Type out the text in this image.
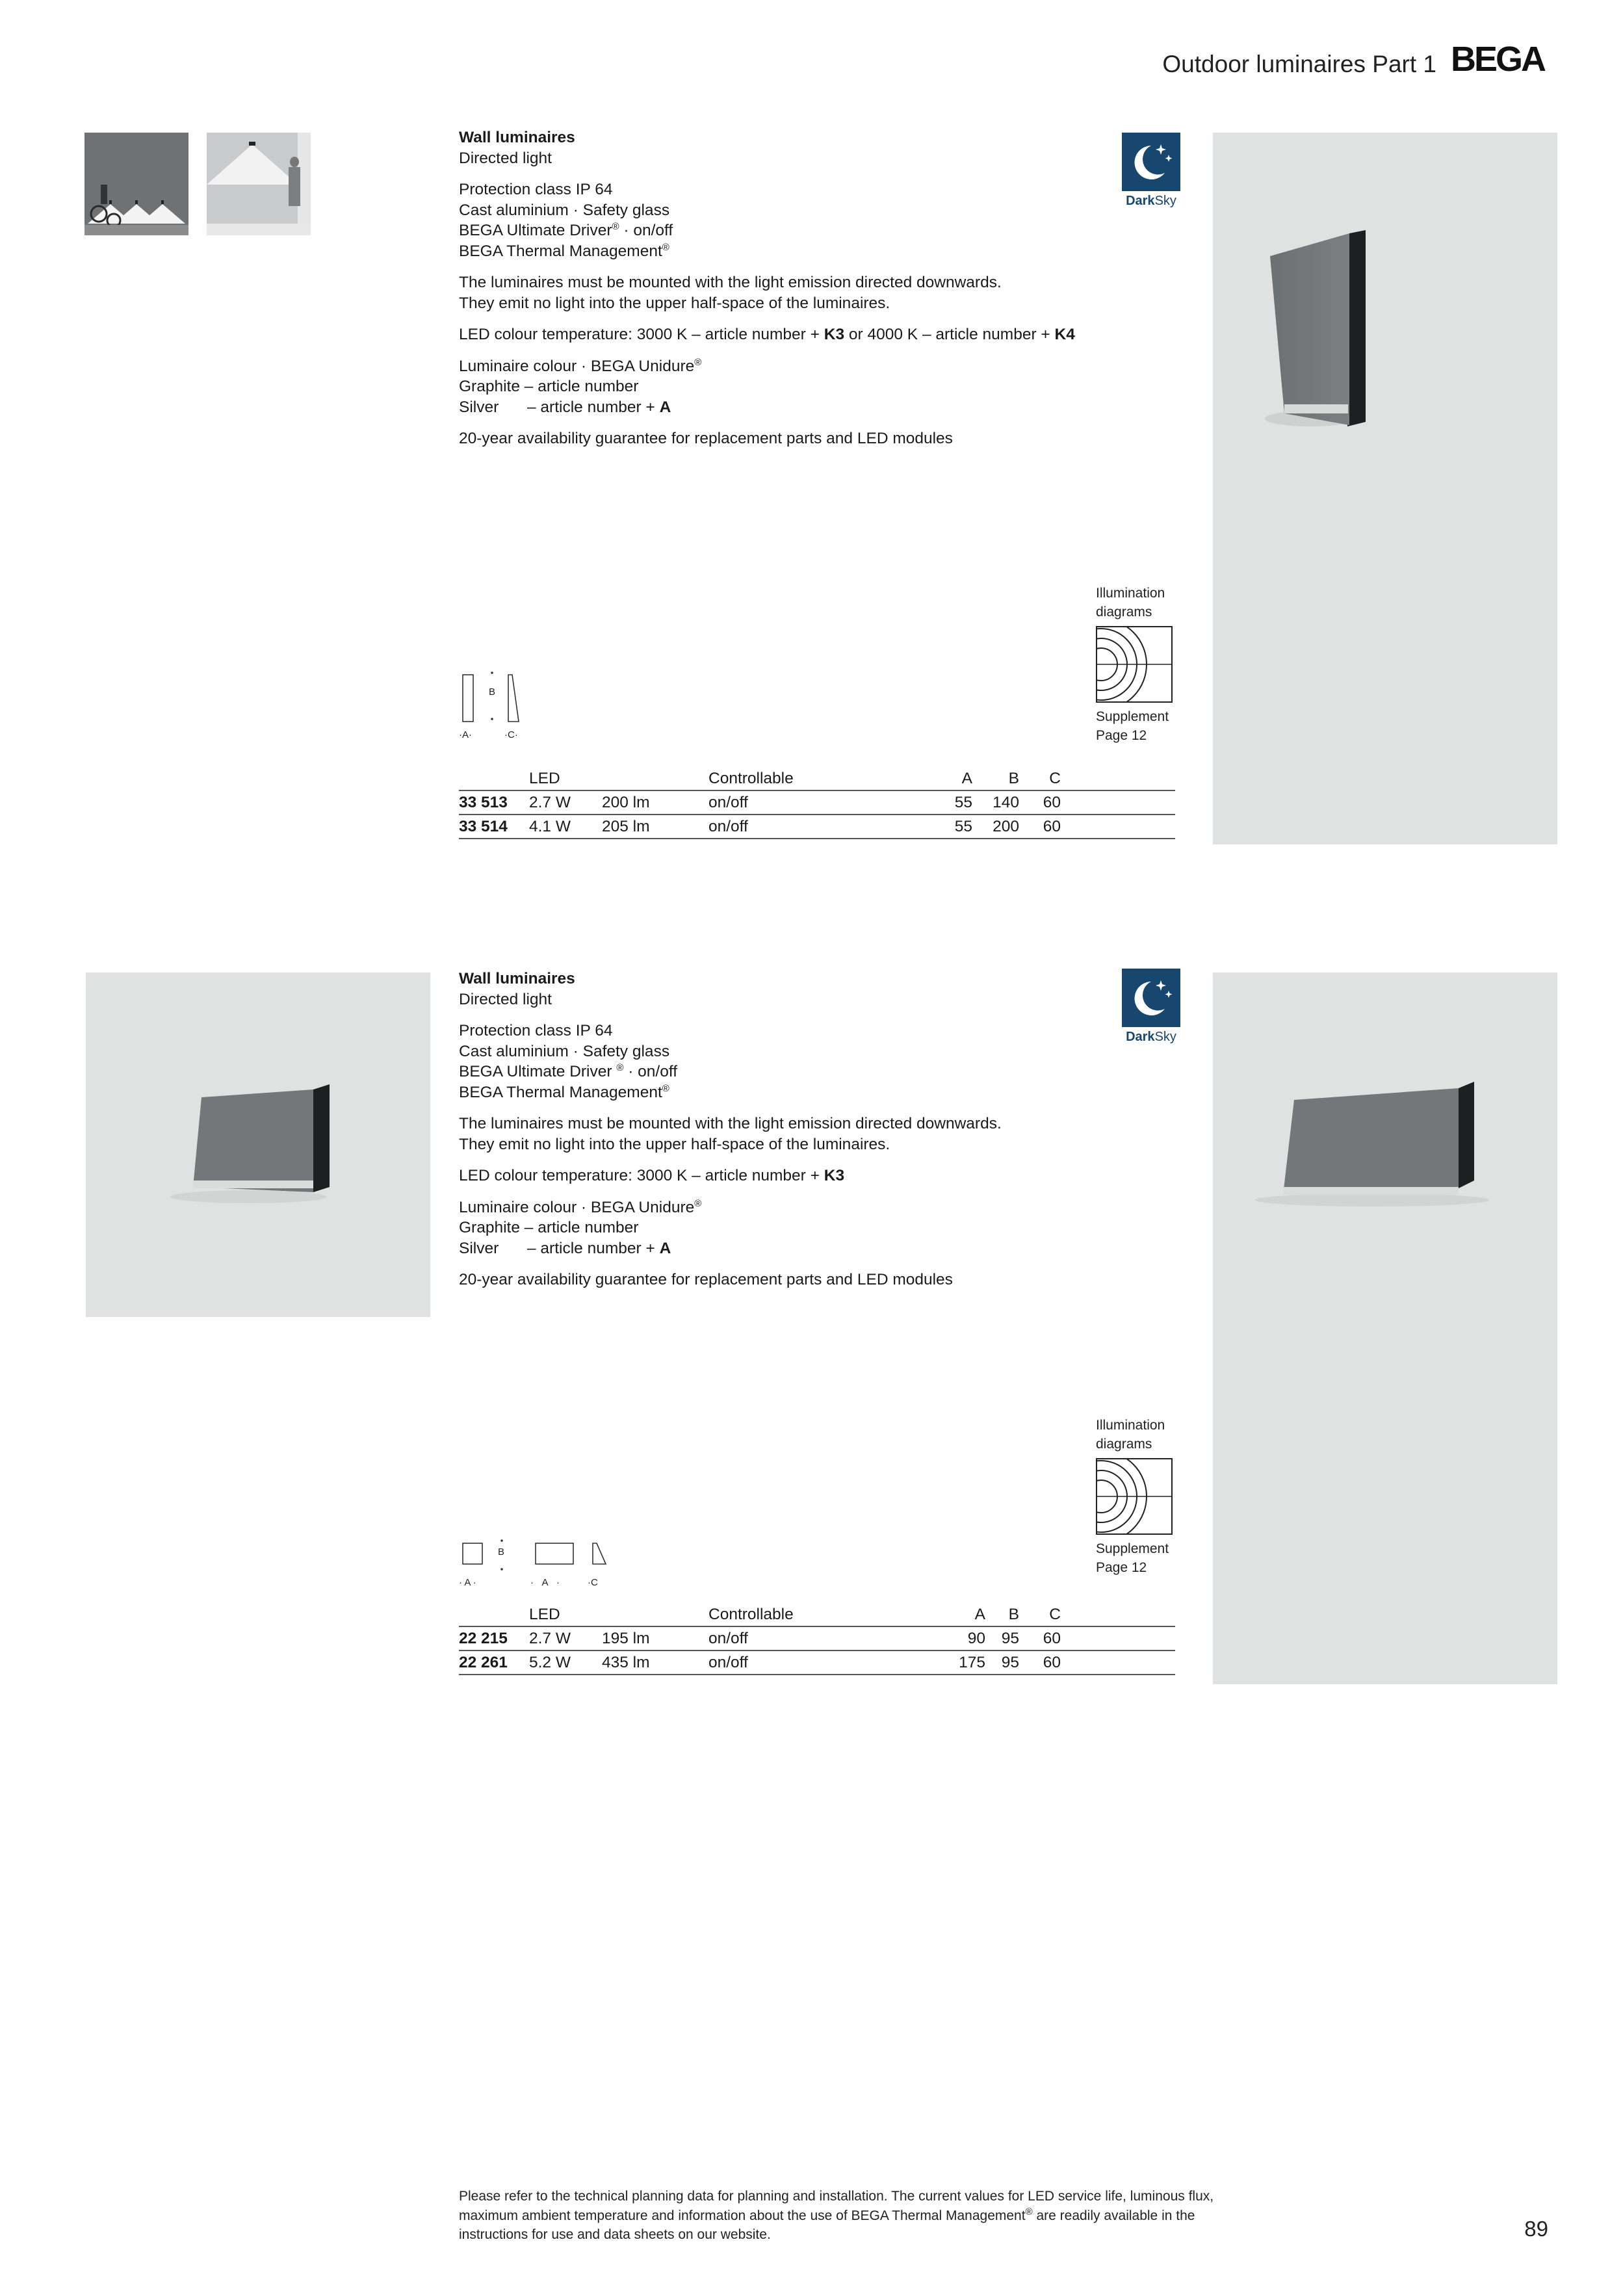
Outdoor luminaires Part 1 BEGA

Wall luminaires
Directed light

Protection class IP 64
Cast aluminium · Safety glass
BEGA Ultimate Driver® · on/off
BEGA Thermal Management®

The luminaires must be mounted with the light emission directed downwards.
They emit no light into the upper half-space of the luminaires.

LED colour temperature: 3000 K – article number + K3 or 4000 K – article number + K4

Luminaire colour · BEGA Unidure®
Graphite – article number
Silver – article number + A

20-year availability guarantee for replacement parts and LED modules

DarkSky
B
·A·	·C·
Illumination
diagrams
Supplement
Page 12
	LED		Controllable	A	B	C	
33 513	2.7 W	200 lm	on/off	55	140	60	
33 514	4.1 W	205 lm	on/off	55	200	60	

Wall luminaires
Directed light

Protection class IP 64
Cast aluminium · Safety glass
BEGA Ultimate Driver ® · on/off
BEGA Thermal Management®

The luminaires must be mounted with the light emission directed downwards.
They emit no light into the upper half-space of the luminaires.

LED colour temperature: 3000 K – article number + K3

Luminaire colour · BEGA Unidure®
Graphite – article number
Silver – article number + A

20-year availability guarantee for replacement parts and LED modules

DarkSky
B
· A ·	·   A   ·	·C
Illumination
diagrams
Supplement
Page 12
	LED		Controllable	A	B	C	
22 215	2.7 W	195 lm	on/off	90	95	60	
22 261	5.2 W	435 lm	on/off	175	95	60	
Please refer to the technical planning data for planning and installation. The current values for LED service life, luminous flux,
maximum ambient temperature and information about the use of BEGA Thermal Management® are readily available in the
instructions for use and data sheets on our website.	89
